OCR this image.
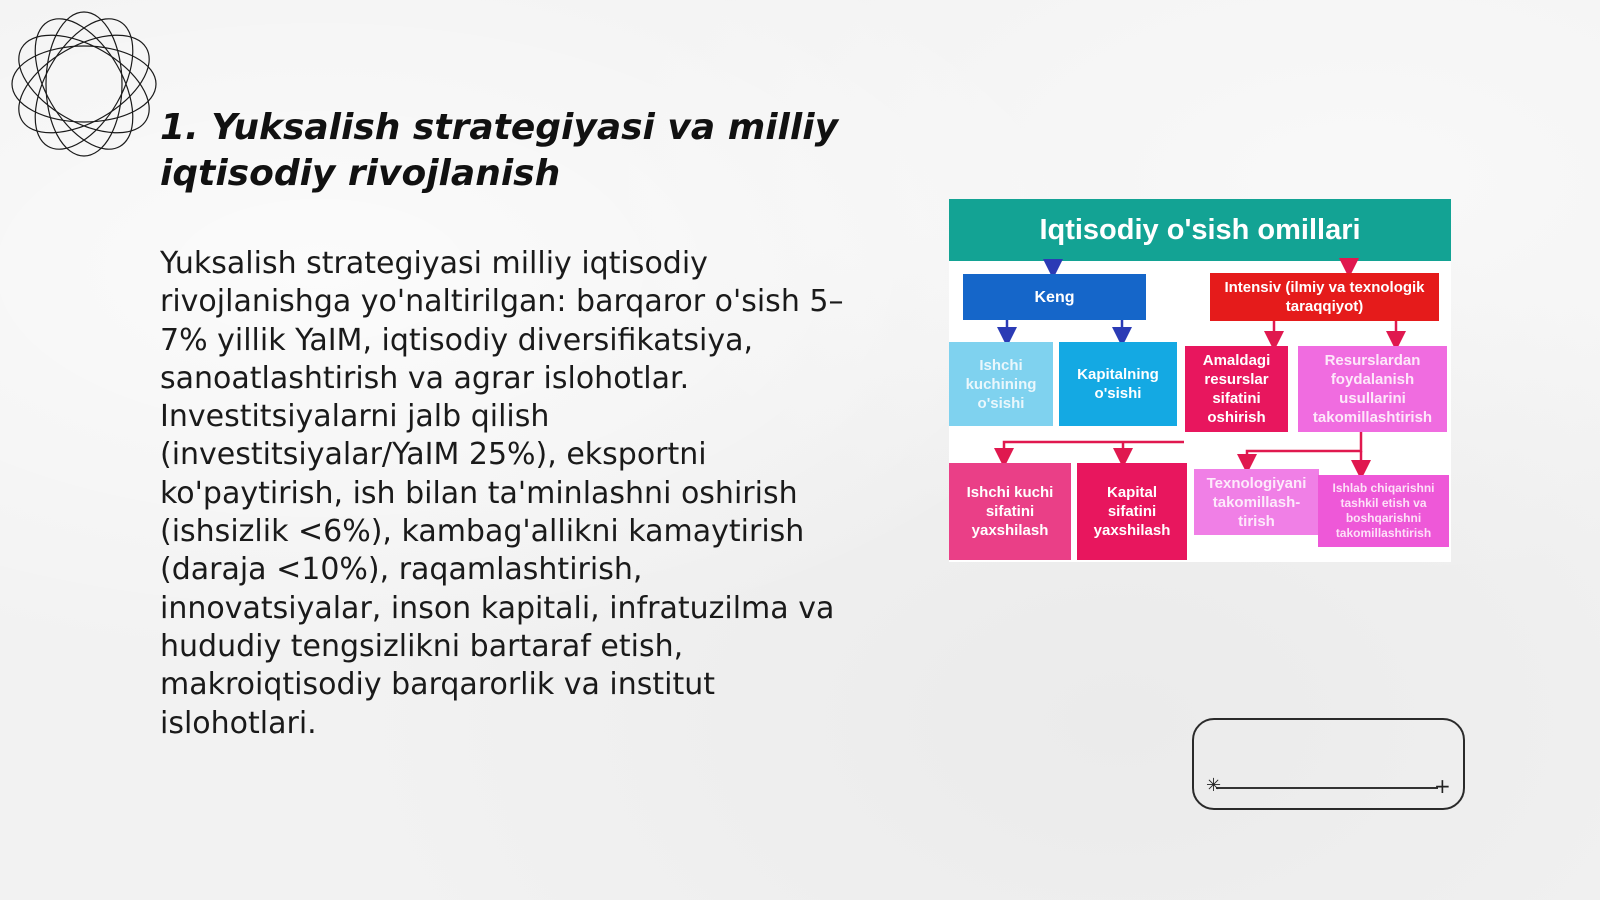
1. Yuksalish strategiyasi va milliy iqtisodiy rivojlanish
Yuksalish strategiyasi milliy iqtisodiy rivojlanishga yo'naltirilgan: barqaror o'sish 5–7% yillik YaIM, iqtisodiy diversifikatsiya, sanoatlashtirish va agrar islohotlar. Investitsiyalarni jalb qilish (investitsiyalar/YaIM 25%), eksportni ko'paytirish, ish bilan ta'minlashni oshirish (ishsizlik <6%), kambag'allikni kamaytirish (daraja <10%), raqamlashtirish, innovatsiyalar, inson kapitali, infratuzilma va hududiy tengsizlikni bartaraf etish, makroiqtisodiy barqarorlik va institut islohotlari.
Iqtisodiy o'sish omillari
Keng
Intensiv (ilmiy va texnologik taraqqiyot)
Ishchi kuchining o'sishi
Kapitalning o'sishi
Amaldagi resurslar sifatini oshirish
Resurslardan foydalanish usullarini takomillashtirish
Ishchi kuchi sifatini yaxshilash
Kapital sifatini yaxshilash
Texnologiyani takomillash-tirish
Ishlab chiqarishni tashkil etish va boshqarishni takomillashtirish
✳	+
